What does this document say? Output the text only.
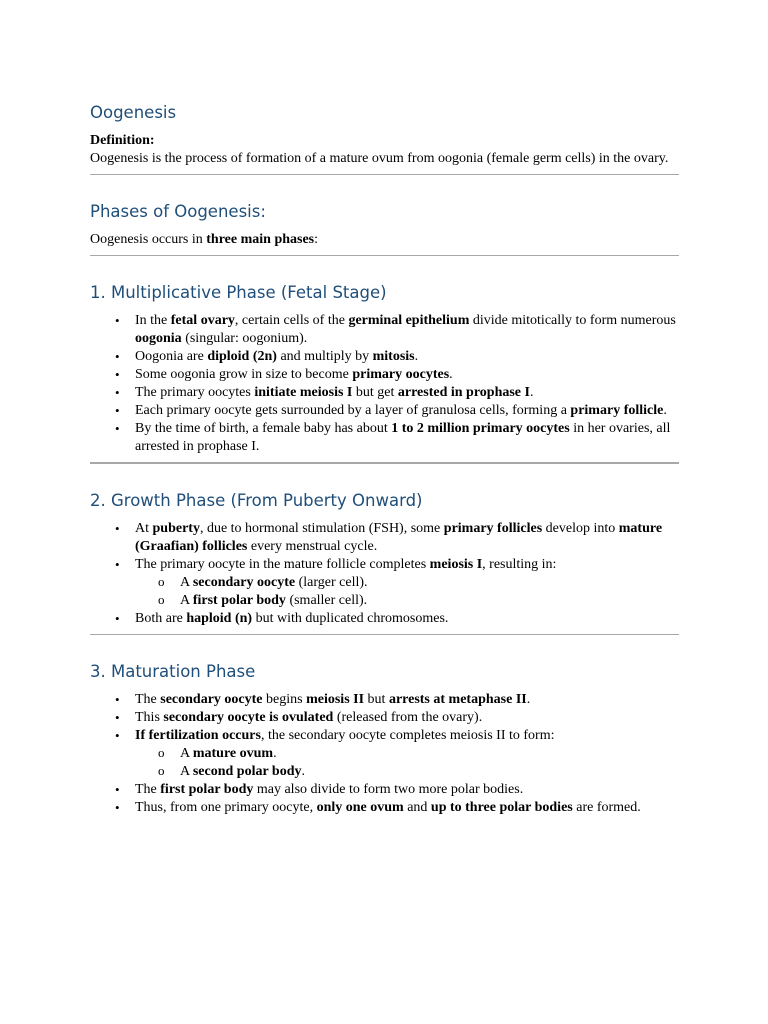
Oogenesis

Definition:

Oogenesis is the process of formation of a mature ovum from oogonia (female germ cells) in the ovary.

Phases of Oogenesis:

Oogenesis occurs in three main phases:

1. Multiplicative Phase (Fetal Stage)
• In the fetal ovary, certain cells of the germinal epithelium divide mitotically to form numerous oogonia (singular: oogonium).
• Oogonia are diploid (2n) and multiply by mitosis.
• Some oogonia grow in size to become primary oocytes.
• The primary oocytes initiate meiosis I but get arrested in prophase I.
• Each primary oocyte gets surrounded by a layer of granulosa cells, forming a primary follicle.
• By the time of birth, a female baby has about 1 to 2 million primary oocytes in her ovaries, all arrested in prophase I.
2. Growth Phase (From Puberty Onward)
• At puberty, due to hormonal stimulation (FSH), some primary follicles develop into mature (Graafian) follicles every menstrual cycle.
• The primary oocyte in the mature follicle completes meiosis I, resulting in:
o A secondary oocyte (larger cell).
o A first polar body (smaller cell).
• Both are haploid (n) but with duplicated chromosomes.
3. Maturation Phase
• The secondary oocyte begins meiosis II but arrests at metaphase II.
• This secondary oocyte is ovulated (released from the ovary).
• If fertilization occurs, the secondary oocyte completes meiosis II to form:
o A mature ovum.
o A second polar body.
• The first polar body may also divide to form two more polar bodies.
• Thus, from one primary oocyte, only one ovum and up to three polar bodies are formed.
